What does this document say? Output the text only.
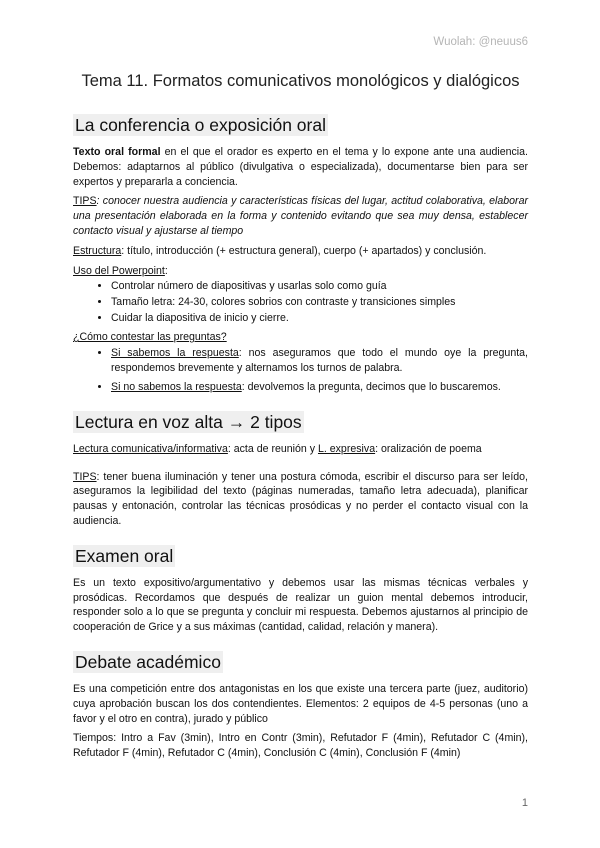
Wuolah: @neuus6
Tema 11. Formatos comunicativos monológicos y dialógicos
La conferencia o exposición oral

Texto oral formal en el que el orador es experto en el tema y lo expone ante una audiencia. Debemos: adaptarnos al público (divulgativa o especializada), documentarse bien para ser expertos y prepararla a conciencia.

TIPS: conocer nuestra audiencia y características físicas del lugar, actitud colaborativa, elaborar una presentación elaborada en la forma y contenido evitando que sea muy densa, establecer contacto visual y ajustarse al tiempo

Estructura: título, introducción (+ estructura general), cuerpo (+ apartados) y conclusión.

Uso del Powerpoint:

• Controlar número de diapositivas y usarlas solo como guía
• Tamaño letra: 24-30, colores sobrios con contraste y transiciones simples
• Cuidar la diapositiva de inicio y cierre.

¿Cómo contestar las preguntas?

• Si sabemos la respuesta: nos aseguramos que todo el mundo oye la pregunta, respondemos brevemente y alternamos los turnos de palabra.
• Si no sabemos la respuesta: devolvemos la pregunta, decimos que lo buscaremos.
Lectura en voz alta → 2 tipos

Lectura comunicativa/informativa: acta de reunión y L. expresiva: oralización de poema

TIPS: tener buena iluminación y tener una postura cómoda, escribir el discurso para ser leído, aseguramos la legibilidad del texto (páginas numeradas, tamaño letra adecuada), planificar pausas y entonación, controlar las técnicas prosódicas y no perder el contacto visual con la audiencia.

Examen oral

Es un texto expositivo/argumentativo y debemos usar las mismas técnicas verbales y prosódicas. Recordamos que después de realizar un guion mental debemos introducir, responder solo a lo que se pregunta y concluir mi respuesta. Debemos ajustarnos al principio de cooperación de Grice y a sus máximas (cantidad, calidad, relación y manera).

Debate académico

Es una competición entre dos antagonistas en los que existe una tercera parte (juez, auditorio) cuya aprobación buscan los dos contendientes. Elementos: 2 equipos de 4-5 personas (uno a favor y el otro en contra), jurado y público

Tiempos: Intro a Fav (3min), Intro en Contr (3min), Refutador F (4min), Refutador C (4min), Refutador F (4min), Refutador C (4min), Conclusión C (4min), Conclusión F (4min)

1
